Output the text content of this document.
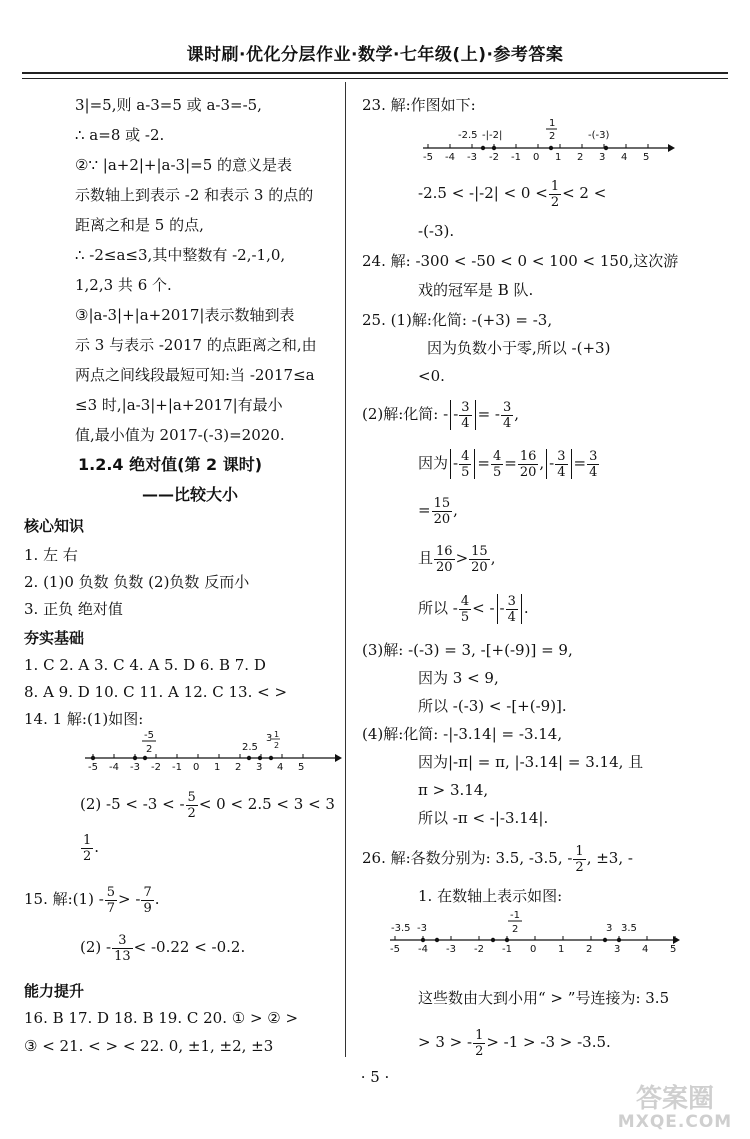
课时刷·优化分层作业·数学·七年级(上)·参考答案
3|=5,则 a-3=5 或 a-3=-5,
∴ a=8 或 -2.
②∵ |a+2|+|a-3|=5 的意义是表
示数轴上到表示 -2 和表示 3 的点的
距离之和是 5 的点,
∴ -2≤a≤3,其中整数有 -2,-1,0,
1,2,3 共 6 个.
③|a-3|+|a+2017|表示数轴到表
示 3 与表示 -2017 的点距离之和,由
两点之间线段最短可知:当 -2017≤a
≤3 时,|a-3|+|a+2017|有最小
值,最小值为 2017-(-3)=2020.
1.2.4 绝对值(第 2 课时)
——比较大小
核心知识
1. 左 右
2. (1)0 负数 负数 (2)负数 反而小
3. 正负 绝对值
夯实基础
1. C 2. A 3. C 4. A 5. D 6. B 7. D
8. A 9. D 10. C 11. A 12. C 13. < >
14. 1 解:(1)如图:
-5
2	2.5
3 1
2
-5 -4 -3 -2 -1 0 1 2 3 4 5
(2) -5 < -3 < - $\frac{5}{2} < 0 < 2.5 < 3 < 3$
$\frac{1}{2}$ .
15. 解:(1) - $\frac{5}{7}$ > - $\frac{7}{9}$ .
$(2) - \frac{3}{13} < -0.22 < -0.2$.
能力提升
16. B 17. D 18. B 19. C 20. ① > ② >
③ < 21. < > < 22. 0, ±1, ±2, ±3
23. 解:作图如下:
-2.5 -|-2|
1
2	-(-3)
-5 -4 -3 -2 -1 0 1 2 3 4 5
$-2.5 < -|-2| < 0 < \frac{1}{2} < 2$ <
-(-3).
24. 解: -300 < -50 < 0 < 100 < 150,这次游
戏的冠军是 B 队.
25. (1)解:化简: -(+3) = -3,
因为负数小于零,所以 -(+3)
<0.
(2)解:化简: - - $\frac{3}{4}$ = - $\frac{3}{4}$ ,
因为 - $\frac{4}{5} = \frac{4}{5} = \frac{16}{20}$ , - $\frac{3}{4} = \frac{3}{4}$
= $\frac{15}{20}$ ,
且 $\frac{16}{20} > \frac{15}{20}$ ,
所以 - $\frac{4}{5}$ < - - $\frac{3}{4}$ .
(3)解: -(-3) = 3, -[+(-9)] = 9,
因为 3 < 9,
所以 -(-3) < -[+(-9)].
(4)解:化简: -|-3.14| = -3.14,
因为|-π| = π, |-3.14| = 3.14, 且
π > 3.14,
所以 -π < -|-3.14|.
26. 解:各数分别为: 3.5, -3.5, - $\frac{1}{2}$ , ±3, -
1. 在数轴上表示如图:
-3.5 -3
-1
2	3 3.5
-5 -4 -3 -2 -1 0 1 2 3 4 5
这些数由大到小用“ > ”号连接为: 3.5
> 3 > - $\frac{1}{2} > -1 > -3 > -3.5$.
· 5 ·
答案圈
MXQE.COM
